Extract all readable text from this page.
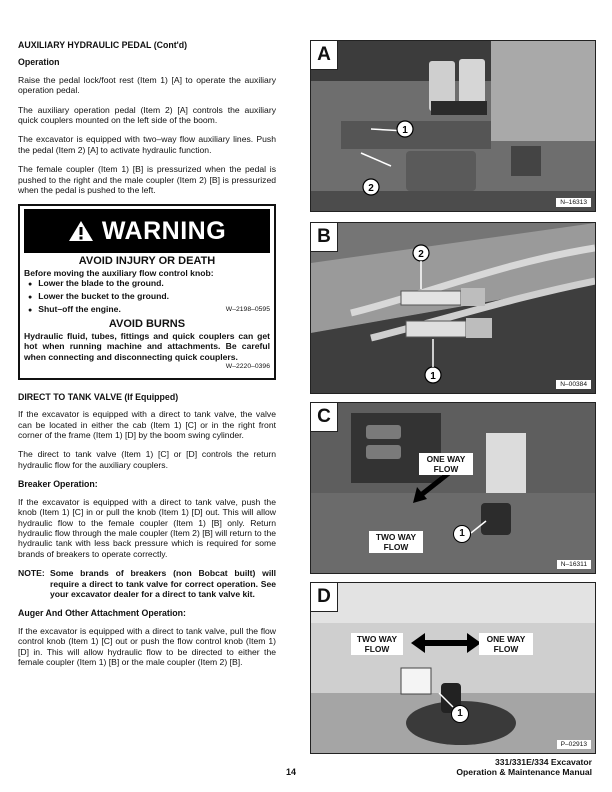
AUXILIARY HYDRAULIC PEDAL (Cont'd)
Operation

Raise the pedal lock/foot rest (Item 1) [A] to operate the auxiliary operation pedal.

The auxiliary operation pedal (Item 2) [A] controls the auxiliary quick couplers mounted on the left side of the boom.

The excavator is equipped with two–way flow auxiliary lines. Push the pedal (Item 2) [A] to activate hydraulic function.

The female coupler (Item 1) [B] is pressurized when the pedal is pushed to the right and the male coupler (Item 2) [B] is pressurized when the pedal is pushed to the left.

WARNING
AVOID INJURY OR DEATH
Before moving the auxiliary flow control knob:
● Lower the blade to the ground.
● Lower the bucket to the ground.
● Shut–off the engine.	W–2198–0595
AVOID BURNS
Hydraulic fluid, tubes, fittings and quick couplers can get hot when running machine and attachments. Be careful when connecting and disconnecting quick couplers.
W–2220–0396
DIRECT TO TANK VALVE (If Equipped)

If the excavator is equipped with a direct to tank valve, the valve can be located in either the cab (Item 1) [C] or in the right front corner of the frame (Item 1) [D] by the boom swing cylinder.

The direct to tank valve (Item 1) [C] or [D] controls the return hydraulic flow for the auxiliary couplers.

Breaker Operation:

If the excavator is equipped with a direct to tank valve, push the knob (Item 1) [C] in or pull the knob (Item 1) [D] out. This will allow hydraulic flow to the female coupler (Item 1) [B] only. Return hydraulic flow through the male coupler (Item 2) [B] will return to the hydraulic tank with less back pressure which is required for some brands of breakers to operate correctly.

NOTE: Some brands of breakers (non Bobcat built) will require a direct to tank valve for correct operation. See your excavator dealer for a direct to tank valve kit.
Auger And Other Attachment Operation:

If the excavator is equipped with a direct to tank valve, pull the flow control knob (Item 1) [C] out or push the flow control knob (Item 1) [D] in. This will allow hydraulic flow to be directed to either the female coupler (Item 1) [B] or the male coupler (Item 2) [B].

A
1
2
N–16313
B
2
1
N–00384
C
ONE WAY FLOW
TWO WAY FLOW
1
N–16311
D
TWO WAY FLOW
ONE WAY FLOW
1
P–02913
14
331/331E/334 Excavator
Operation & Maintenance Manual
